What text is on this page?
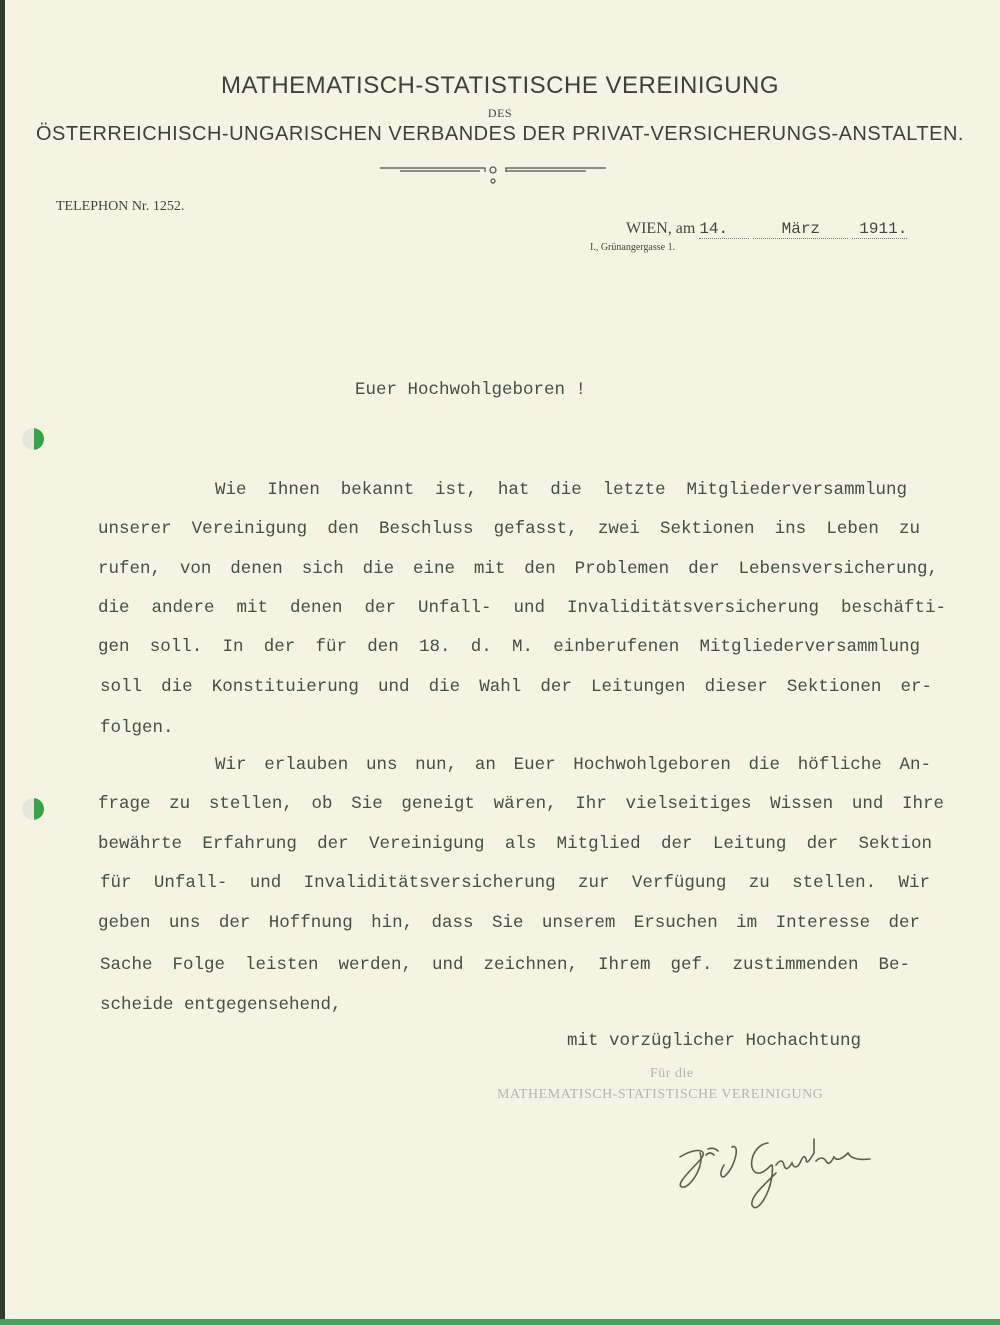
MATHEMATISCH-STATISTISCHE VEREINIGUNG
DES
ÖSTERREICHISCH-UNGARISCHEN VERBANDES DER PRIVAT-VERSICHERUNGS-ANSTALTEN.
TELEPHON Nr. 1252.
WIEN, am 14.	März 1911.
I., Grünangergasse 1.
Euer Hochwohlgeboren !
Wie Ihnen bekannt ist, hat die letzte Mitgliederversammlung
unserer Vereinigung den Beschluss gefasst, zwei Sektionen ins Leben zu
rufen, von denen sich die eine mit den Problemen der Lebensversicherung,
die andere mit denen der Unfall- und Invaliditätsversicherung beschäfti-
gen soll. In der für den 18. d. M. einberufenen Mitgliederversammlung
soll die Konstituierung und die Wahl der Leitungen dieser Sektionen er-
folgen.
Wir erlauben uns nun, an Euer Hochwohlgeboren die höfliche An-
frage zu stellen, ob Sie geneigt wären, Ihr vielseitiges Wissen und Ihre
bewährte Erfahrung der Vereinigung als Mitglied der Leitung der Sektion
für Unfall- und Invaliditätsversicherung zur Verfügung zu stellen. Wir
geben uns der Hoffnung hin, dass Sie unserem Ersuchen im Interesse der
Sache Folge leisten werden, und zeichnen, Ihrem gef. zustimmenden Be-
scheide entgegensehend,
mit vorzüglicher Hochachtung
Für die
MATHEMATISCH-STATISTISCHE VEREINIGUNG
